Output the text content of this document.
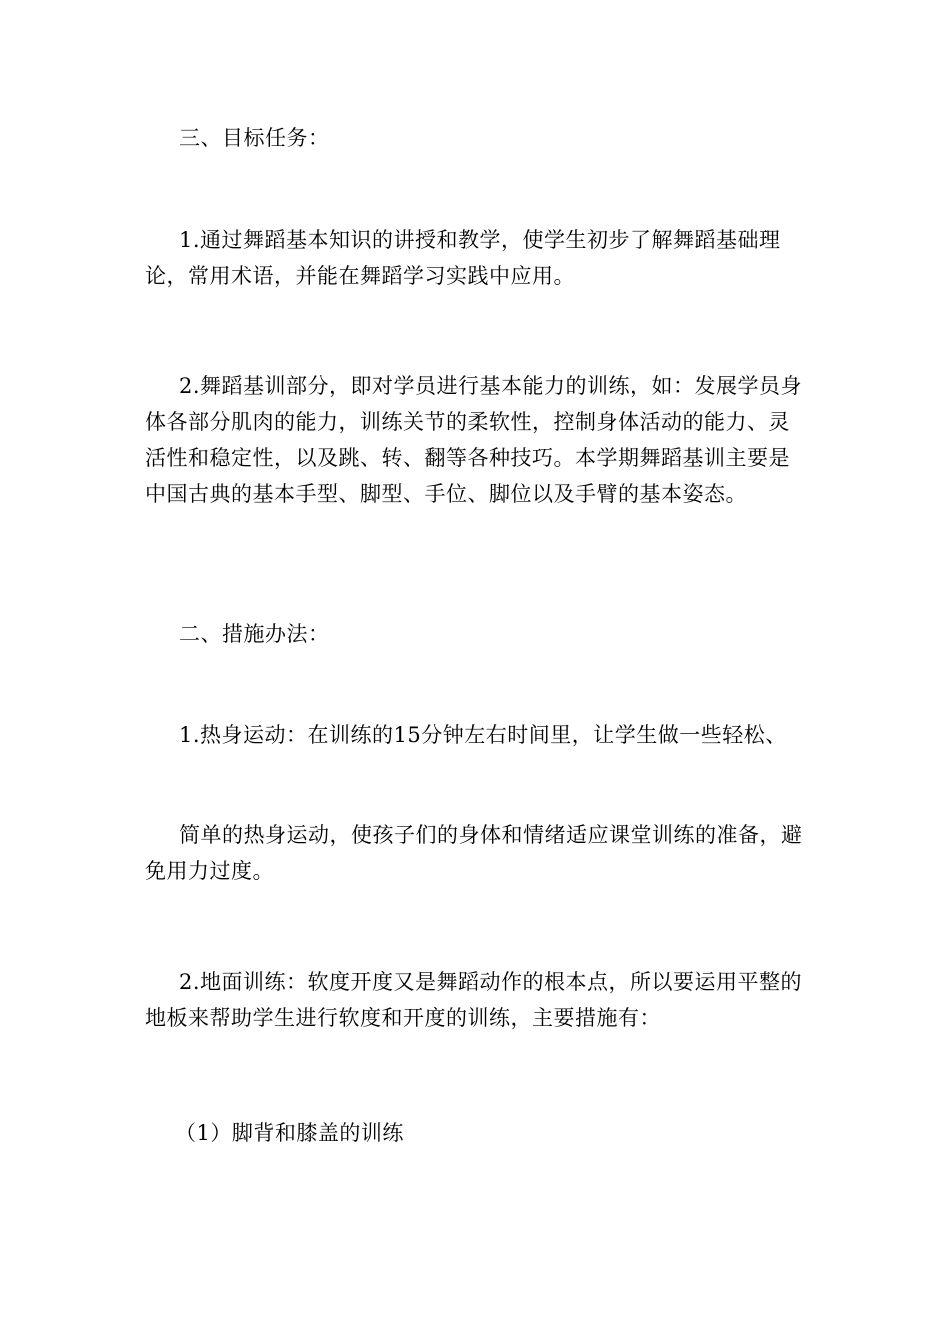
三、目标任务：

1.通过舞蹈基本知识的讲授和教学，使学生初步了解舞蹈基础理论，常用术语，并能在舞蹈学习实践中应用。

2.舞蹈基训部分，即对学员进行基本能力的训练，如：发展学员身体各部分肌肉的能力，训练关节的柔软性，控制身体活动的能力、灵活性和稳定性，以及跳、转、翻等各种技巧。本学期舞蹈基训主要是中国古典的基本手型、脚型、手位、脚位以及手臂的基本姿态。

二、措施办法：

1.热身运动：在训练的15分钟左右时间里，让学生做一些轻松、

简单的热身运动，使孩子们的身体和情绪适应课堂训练的准备，避免用力过度。

2.地面训练：软度开度又是舞蹈动作的根本点，所以要运用平整的地板来帮助学生进行软度和开度的训练，主要措施有：

（1）脚背和膝盖的训练
